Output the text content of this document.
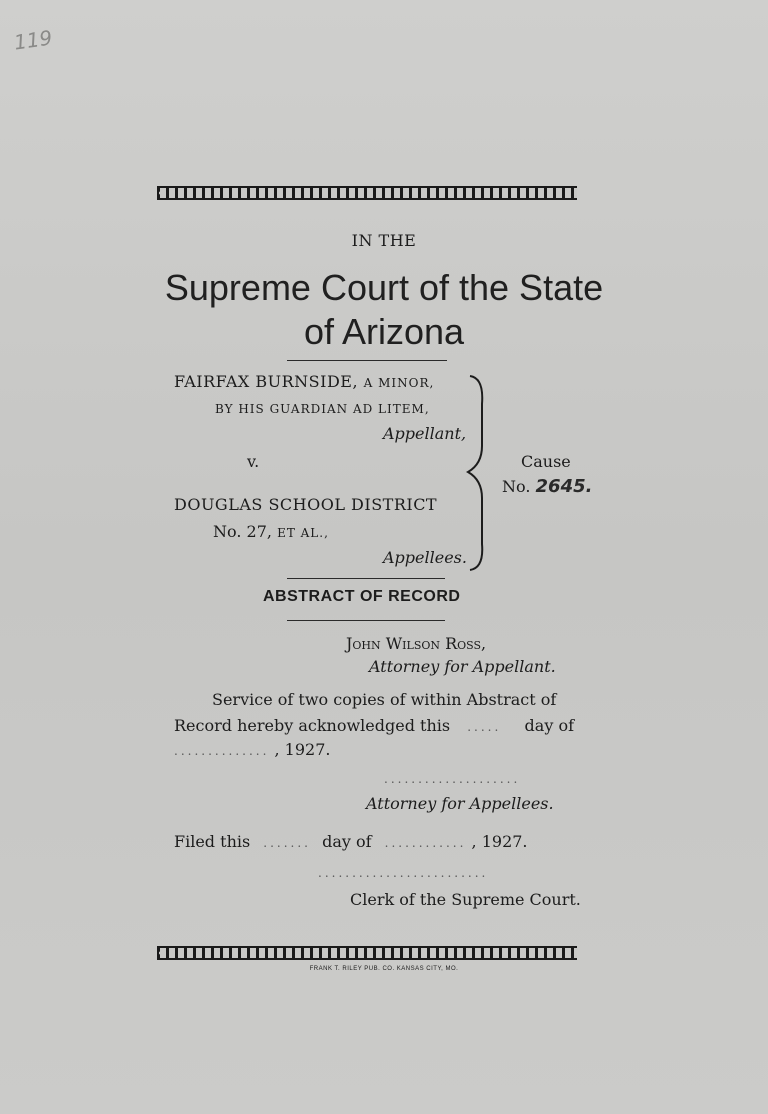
119
IN THE
Supreme Court of the State
of Arizona
FAIRFAX BURNSIDE, A MINOR,
BY HIS GUARDIAN AD LITEM,
Appellant,
v.
DOUGLAS SCHOOL DISTRICT
No. 27, ET AL.,
Appellees.
Cause
No. 2645.
ABSTRACT OF RECORD
John Wilson Ross,
Attorney for Appellant.
Service of two copies of within Abstract of
Record hereby acknowledged this ..... day of
.............. , 1927.
....................
Attorney for Appellees.
Filed this ....... day of ............ , 1927.
.........................
Clerk of the Supreme Court.
FRANK T. RILEY PUB. CO. KANSAS CITY, MO.
